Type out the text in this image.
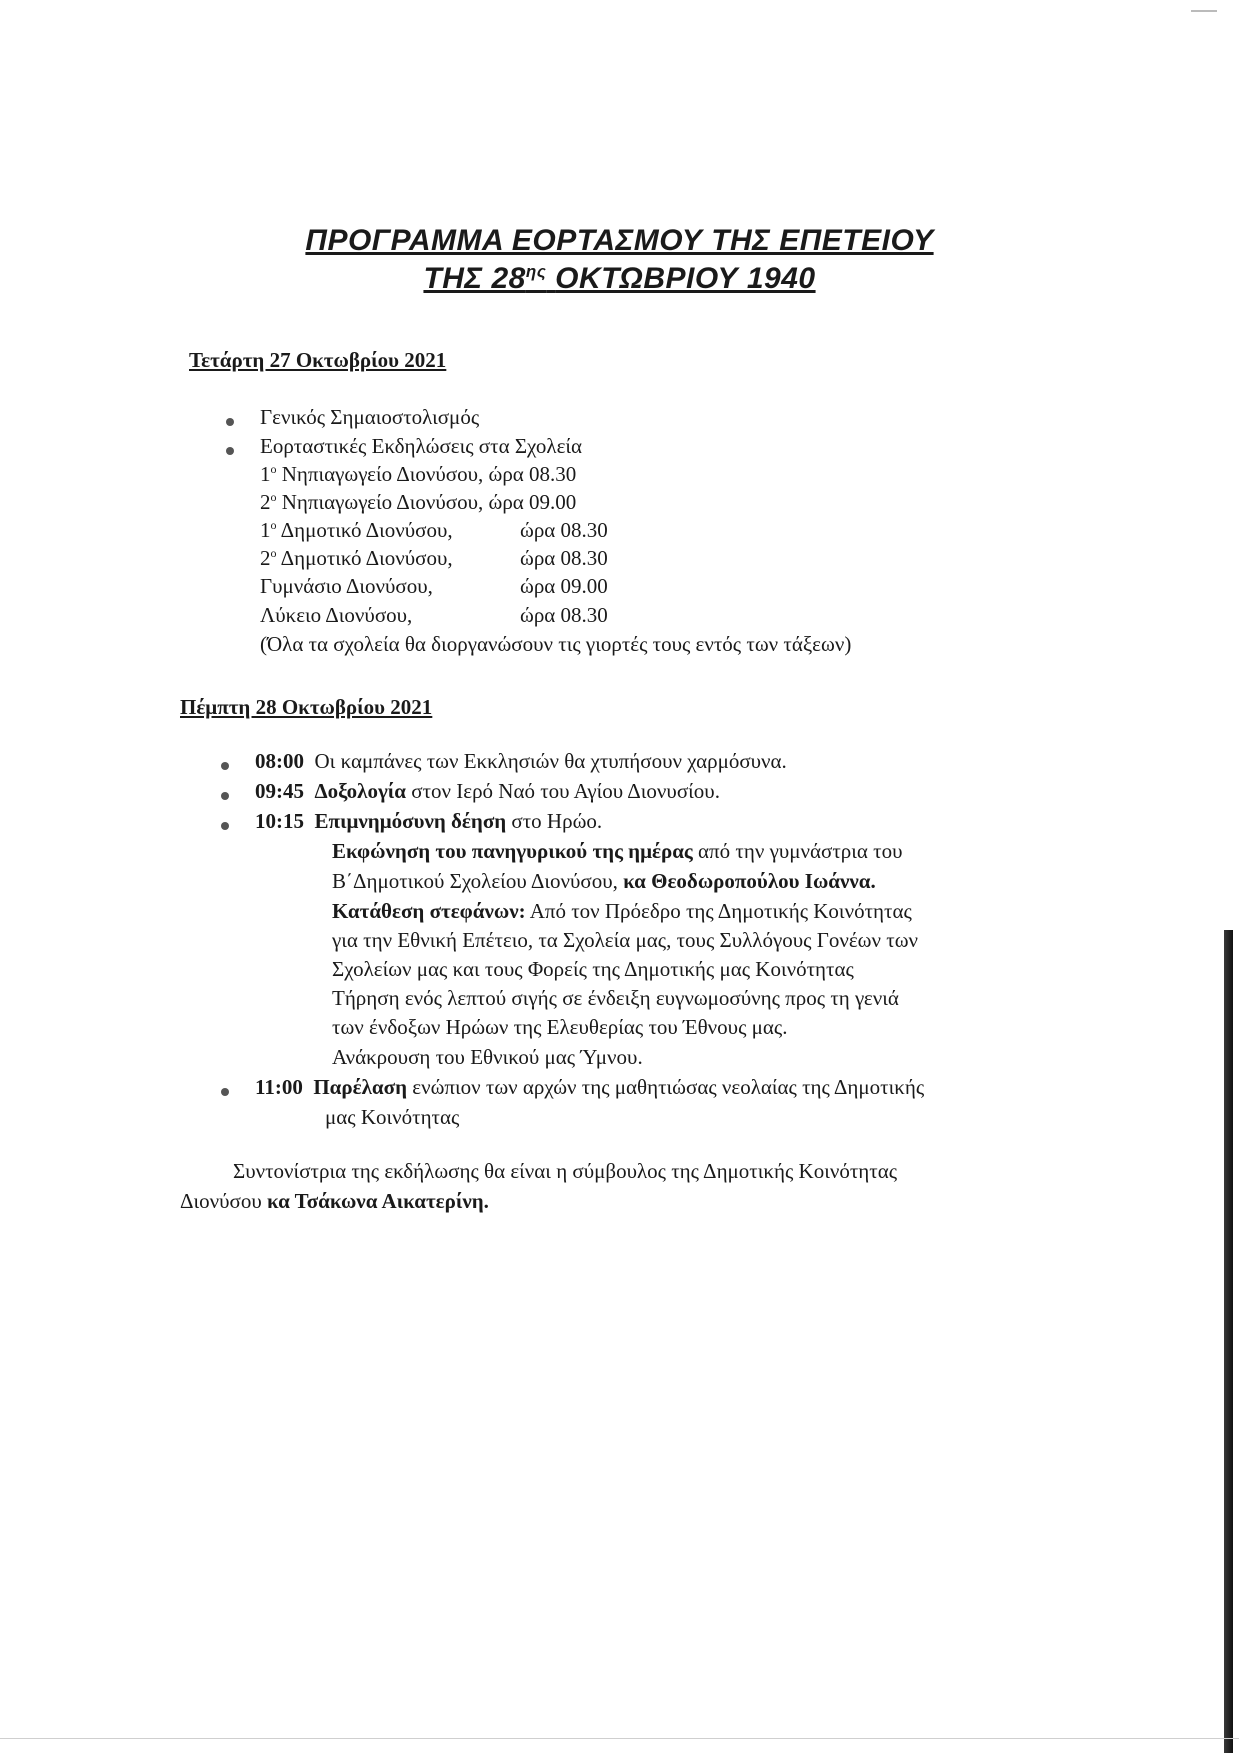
ΠΡΟΓΡΑΜΜΑ ΕΟΡΤΑΣΜΟΥ ΤΗΣ ΕΠΕΤΕΙΟΥ
ΤΗΣ $28^{\eta\varsigma}$ ΟΚΤΩΒΡΙΟΥ 1940
Τετάρτη 27 Οκτωβρίου 2021

Γενικός Σημαιοστολισμός

Εορταστικές Εκδηλώσεις στα Σχολεία

$1^o$ Νηπιαγωγείο Διονύσου, ώρα 08.30

$2^o$ Νηπιαγωγείο Διονύσου, ώρα 09.00

$1^o$ Δημοτικό Διονύσου,	ώρα 08.30

$2^o$ Δημοτικό Διονύσου,	ώρα 08.30

Γυμνάσιο Διονύσου,	ώρα 09.00

Λύκειο Διονύσου,	ώρα 08.30

(Όλα τα σχολεία θα διοργανώσουν τις γιορτές τους εντός των τάξεων)

Πέμπτη 28 Οκτωβρίου 2021

08:00 Οι καμπάνες των Εκκλησιών θα χτυπήσουν χαρμόσυνα.

09:45 Δοξολογία στον Ιερό Ναό του Αγίου Διονυσίου.

10:15 Επιμνημόσυνη δέηση στο Ηρώο.

Εκφώνηση του πανηγυρικού της ημέρας από την γυμνάστρια του

Β΄Δημοτικού Σχολείου Διονύσου, κα Θεοδωροπούλου Ιωάννα.

Κατάθεση στεφάνων: Από τον Πρόεδρο της Δημοτικής Κοινότητας

για την Εθνική Επέτειο, τα Σχολεία μας, τους Συλλόγους Γονέων των

Σχολείων μας και τους Φορείς της Δημοτικής μας Κοινότητας

Τήρηση ενός λεπτού σιγής σε ένδειξη ευγνωμοσύνης προς τη γενιά

των ένδοξων Ηρώων της Ελευθερίας του Έθνους μας.

Ανάκρουση του Εθνικού μας Ύμνου.

11:00 Παρέλαση ενώπιον των αρχών της μαθητιώσας νεολαίας της Δημοτικής

μας Κοινότητας

Συντονίστρια της εκδήλωσης θα είναι η σύμβουλος της Δημοτικής Κοινότητας

Διονύσου κα Τσάκωνα Αικατερίνη.
